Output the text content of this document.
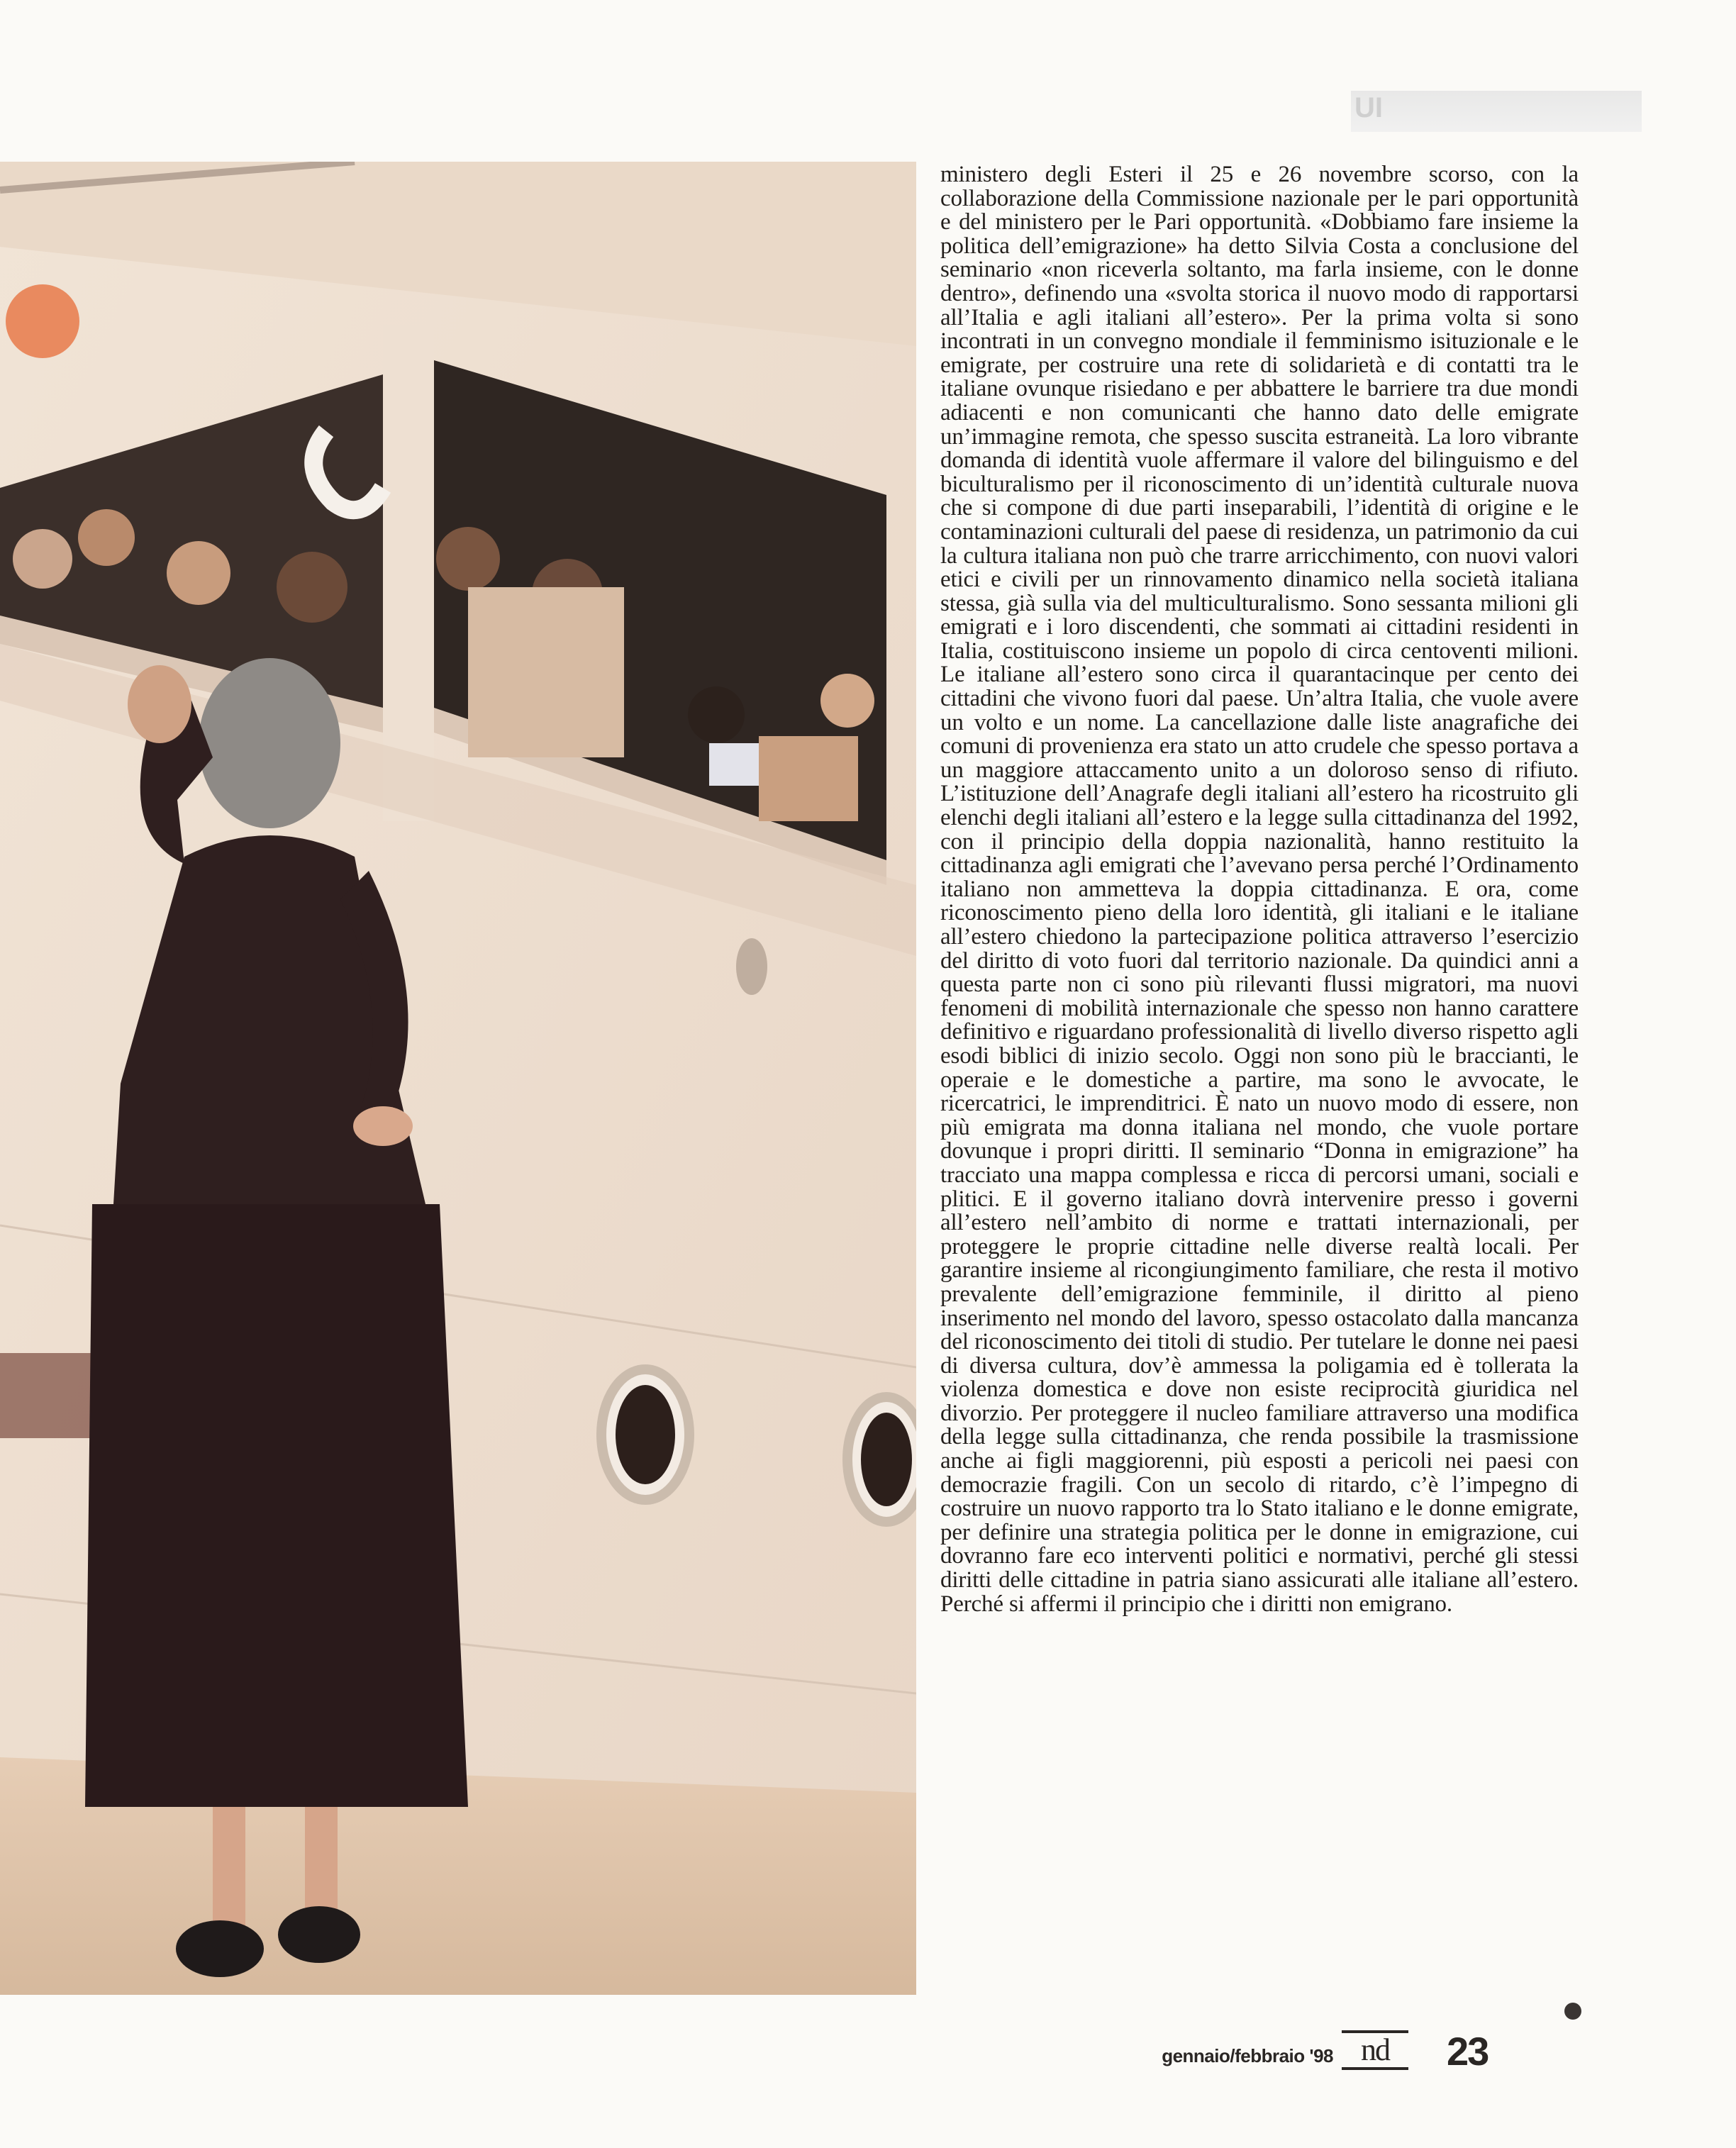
UI

ministero degli Esteri il 25 e 26 novembre scorso, con la collaborazione della Commissione nazionale per le pari opportunità e del ministero per le Pari opportunità. «Dobbiamo fare insieme la politica dell’emigrazione» ha detto Silvia Costa a conclusione del seminario «non riceverla soltanto, ma farla insieme, con le donne dentro», definendo una «svolta storica il nuovo modo di rapportarsi all’Italia e agli italiani all’estero». Per la prima volta si sono incontrati in un convegno mondiale il femminismo isituzionale e le emigrate, per costruire una rete di solidarietà e di contatti tra le italiane ovunque risiedano e per abbattere le barriere tra due mondi adiacenti e non comunicanti che hanno dato delle emigrate un’immagine remota, che spesso suscita estraneità. La loro vibrante domanda di identità vuole affermare il valore del bilinguismo e del biculturalismo per il riconoscimento di un’identità culturale nuova che si compone di due parti inseparabili, l’identità di origine e le contaminazioni culturali del paese di residenza, un patrimonio da cui la cultura italiana non può che trarre arricchimento, con nuovi valori etici e civili per un rinnovamento dinamico nella società italiana stessa, già sulla via del multiculturalismo. Sono sessanta milioni gli emigrati e i loro discendenti, che sommati ai cittadini residenti in Italia, costituiscono insieme un popolo di circa centoventi milioni. Le italiane all’estero sono circa il quarantacinque per cento dei cittadini che vivono fuori dal paese. Un’altra Italia, che vuole avere un volto e un nome. La cancellazione dalle liste anagrafiche dei comuni di provenienza era stato un atto crudele che spesso portava a un maggiore attaccamento unito a un doloroso senso di rifiuto. L’istituzione dell’Anagrafe degli italiani all’estero ha ricostruito gli elenchi degli italiani all’estero e la legge sulla cittadinanza del 1992, con il principio della doppia nazionalità, hanno restituito la cittadinanza agli emigrati che l’avevano persa perché l’Ordinamento italiano non ammetteva la doppia cittadinanza. E ora, come riconoscimento pieno della loro identità, gli italiani e le italiane all’estero chiedono la partecipazione politica attraverso l’esercizio del diritto di voto fuori dal territorio nazionale. Da quindici anni a questa parte non ci sono più rilevanti flussi migratori, ma nuovi fenomeni di mobilità internazionale che spesso non hanno carattere definitivo e riguardano professionalità di livello diverso rispetto agli esodi biblici di inizio secolo. Oggi non sono più le braccianti, le operaie e le domestiche a partire, ma sono le avvocate, le ricercatrici, le imprenditrici. È nato un nuovo modo di essere, non più emigrata ma donna italiana nel mondo, che vuole portare dovunque i propri diritti. Il seminario “Donna in emigrazione” ha tracciato una mappa complessa e ricca di percorsi umani, sociali e plitici. E il governo italiano dovrà intervenire presso i governi all’estero nell’ambito di norme e trattati internazionali, per proteggere le proprie cittadine nelle diverse realtà locali. Per garantire insieme al ricongiungimento familiare, che resta il motivo prevalente dell’emigrazione femminile, il diritto al pieno inserimento nel mondo del lavoro, spesso ostacolato dalla mancanza del riconoscimento dei titoli di studio. Per tutelare le donne nei paesi di diversa cultura, dov’è ammessa la poligamia ed è tollerata la violenza domestica e dove non esiste reciprocità giuridica nel divorzio. Per proteggere il nucleo familiare attraverso una modifica della legge sulla cittadinanza, che renda possibile la trasmissione anche ai figli maggiorenni, più esposti a pericoli nei paesi con democrazie fragili. Con un secolo di ritardo, c’è l’impegno di costruire un nuovo rapporto tra lo Stato italiano e le donne emigrate, per definire una strategia politica per le donne in emigrazione, cui dovranno fare eco interventi politici e normativi, perché gli stessi diritti delle cittadine in patria siano assicurati alle italiane all’estero. Perché si affermi il principio che i diritti non emigrano.

gennaio/febbraio '98 nd 23
